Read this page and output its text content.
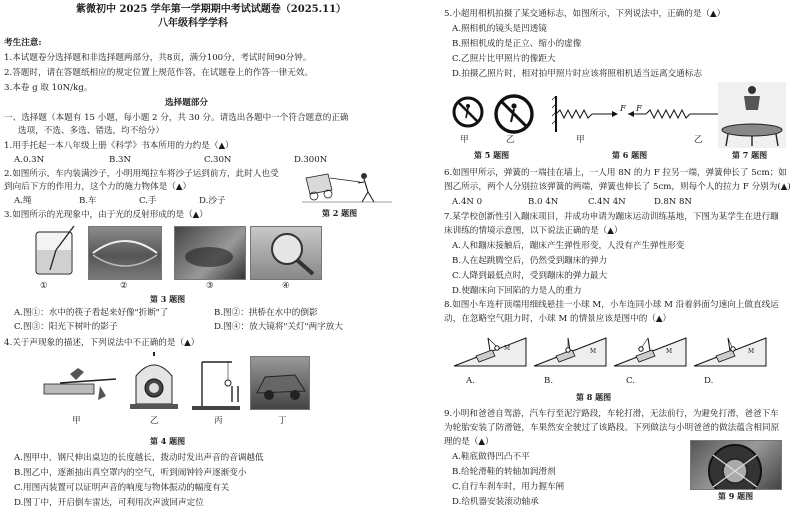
紫微初中 2025 学年第一学期期中考试试题卷（2025.11）
八年级科学学科
考生注意:
1.本试题卷分选择题和非选择题两部分，共8页，满分100分，考试时间90分钟。
2.答题时，请在答题纸相应的规定位置上规范作答，在试题卷上的作答一律无效。
3.本卷 g 取 10N/kg。
选择题部分
一、选择题（本题有 15 小题，每小题 2 分，共 30 分。请选出各题中一个符合题意的正确
选项，不选、多选、错选，均不给分）
1.用手托起一本八年级上册《科学》书本所用的力约是（▲）
A.0.3N	B.3N	C.30N	D.300N
2.如图所示，车内装满沙子，小明用绳拉车将沙子运到前方，此时人也受
到向后下方的作用力，这个力的施力物体是（▲）
A.绳	B.车	C.手	D.沙子
第 2 题图
3.如图所示的光现象中，由于光的反射形成的是（▲）
①	②	③	④
第 3 题图
A.图①：水中的筷子看起来好像"折断"了	B.图②：拱桥在水中的倒影
C.图③：阳光下树叶的影子	D.图④：放大镜将"关灯"两字放大
4.关于声现象的描述，下列说法中不正确的是（▲）
甲	乙	丙	丁
第 4 题图
A.图甲中，钢尺伸出桌边的长度越长，拨动时发出声音的音调越低
B.图乙中，逐渐抽出真空罩内的空气，听到闹钟铃声逐渐变小
C.用图丙装置可以证明声音的响度与物体振动的幅度有关
D.图丁中，开启倒车雷达，可利用次声波回声定位
5.小超用相机拍摄了某交通标志，如图所示，下列说法中，正确的是（▲）
A.照相机的镜头是凹透镜
B.照相机成的是正立、缩小的虚像
C.乙照片比甲照片的像距大
D.拍摄乙照片时，相对拍甲照片时应该将照相机适当远离交通标志
甲	乙
第 5 题图
F F
甲	乙
第 6 题图	第 7 题图
6.如图甲所示，弹簧的一端挂在墙上，一人用 8N 的力 F 拉另一端，弹簧伸长了 5cm；如
图乙所示，两个人分别拉该弹簧的两端，弹簧也伸长了 5cm，则每个人的拉力 F 分别为(▲)
A.4N 0	B.0 4N	C.4N 4N	D.8N 8N
7.某学校创新性引入蹦床项目，并成功申请为蹦床运动训练基地，下图为某学生在进行蹦
床训练的情境示意图，以下说法正确的是（▲）
A.人和蹦床接触后，蹦床产生弹性形变，人没有产生弹性形变
B.人在起跳腾空后，仍然受到蹦床的弹力
C.人降到最低点时，受到蹦床的弹力最大
D.使蹦床向下回陷的力是人的重力
8.如图小车连杆顶端用细线悬挂一小球 M，小车连同小球 M 沿着斜面匀速向上做直线运
动，在忽略空气阻力时，小球 M 的情景应该是图中的（▲）
M	M	M	M
A.	B.	C.	D.
第 8 题图
9.小明和爸爸自驾游，汽车行至泥泞路段，车轮打滑，无法前行，为避免打滑，爸爸下车
为轮胎安装了防滑链，车果然安全驶过了该路段。下列做法与小明爸爸的做法蕴含相同原
理的是（▲）
A.鞋底做得凹凸不平
B.给轮滑鞋的转轴加润滑剂
C.自行车刹车时，用力握车闸
D.给机器安装滚动轴承
第 9 题图
